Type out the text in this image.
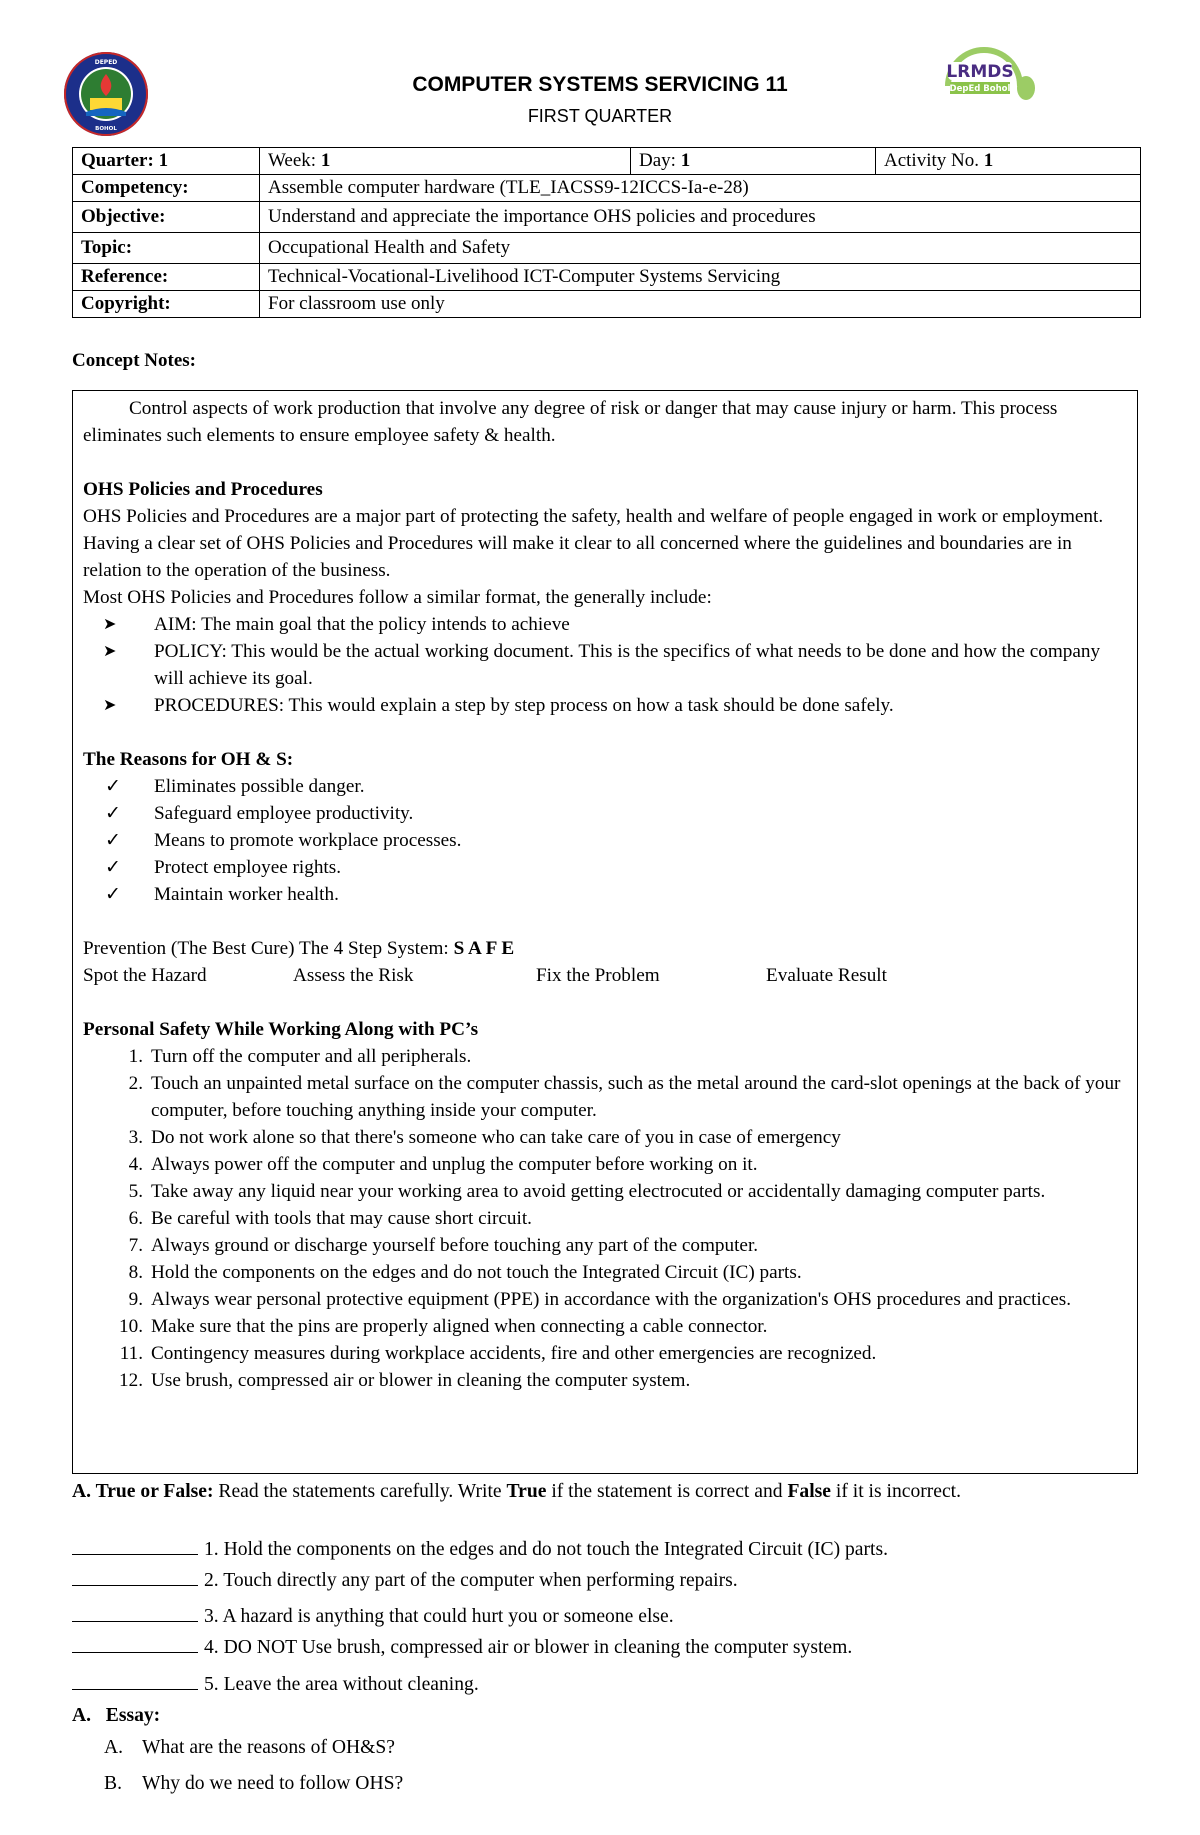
DEPED
BOHOL
LRMDS
DepEd Bohol
COMPUTER SYSTEMS SERVICING 11
FIRST QUARTER
Quarter: 1	Week: 1	Day: 1	Activity No. 1
Competency:	Assemble computer hardware (TLE_IACSS9-12ICCS-Ia-e-28)		
Objective:	Understand and appreciate the importance OHS policies and procedures		
Topic:	Occupational Health and Safety		
Reference:	Technical-Vocational-Livelihood ICT-Computer Systems Servicing		
Copyright:	For classroom use only		
Concept Notes:

Control aspects of work production that involve any degree of risk or danger that may cause injury or harm. This process eliminates such elements to ensure employee safety & health.

OHS Policies and Procedures

OHS Policies and Procedures are a major part of protecting the safety, health and welfare of people engaged in work or employment. Having a clear set of OHS Policies and Procedures will make it clear to all concerned where the guidelines and boundaries are in relation to the operation of the business.

Most OHS Policies and Procedures follow a similar format, the generally include:

➤ AIM: The main goal that the policy intends to achieve
➤ POLICY: This would be the actual working document. This is the specifics of what needs to be done and how the company will achieve its goal.
➤ PROCEDURES: This would explain a step by step process on how a task should be done safely.

The Reasons for OH & S:

✓ Eliminates possible danger.
✓ Safeguard employee productivity.
✓ Means to promote workplace processes.
✓ Protect employee rights.
✓ Maintain worker health.

Prevention (The Best Cure) The 4 Step System: S A F E

Spot the Hazard	Assess the Risk	Fix the Problem	Evaluate Result

Personal Safety While Working Along with PC’s

1. Turn off the computer and all peripherals.
2. Touch an unpainted metal surface on the computer chassis, such as the metal around the card-slot openings at the back of your computer, before touching anything inside your computer.
3. Do not work alone so that there's someone who can take care of you in case of emergency
4. Always power off the computer and unplug the computer before working on it.
5. Take away any liquid near your working area to avoid getting electrocuted or accidentally damaging computer parts.
6. Be careful with tools that may cause short circuit.
7. Always ground or discharge yourself before touching any part of the computer.
8. Hold the components on the edges and do not touch the Integrated Circuit (IC) parts.
9. Always wear personal protective equipment (PPE) in accordance with the organization's OHS procedures and practices.
10. Make sure that the pins are properly aligned when connecting a cable connector.
11. Contingency measures during workplace accidents, fire and other emergencies are recognized.
12. Use brush, compressed air or blower in cleaning the computer system.
A. True or False: Read the statements carefully. Write True if the statement is correct and False if it is incorrect.
1. Hold the components on the edges and do not touch the Integrated Circuit (IC) parts.
2. Touch directly any part of the computer when performing repairs.
3. A hazard is anything that could hurt you or someone else.
4. DO NOT Use brush, compressed air or blower in cleaning the computer system.
5. Leave the area without cleaning.
A. Essay:
A. What are the reasons of OH&S?
B. Why do we need to follow OHS?
